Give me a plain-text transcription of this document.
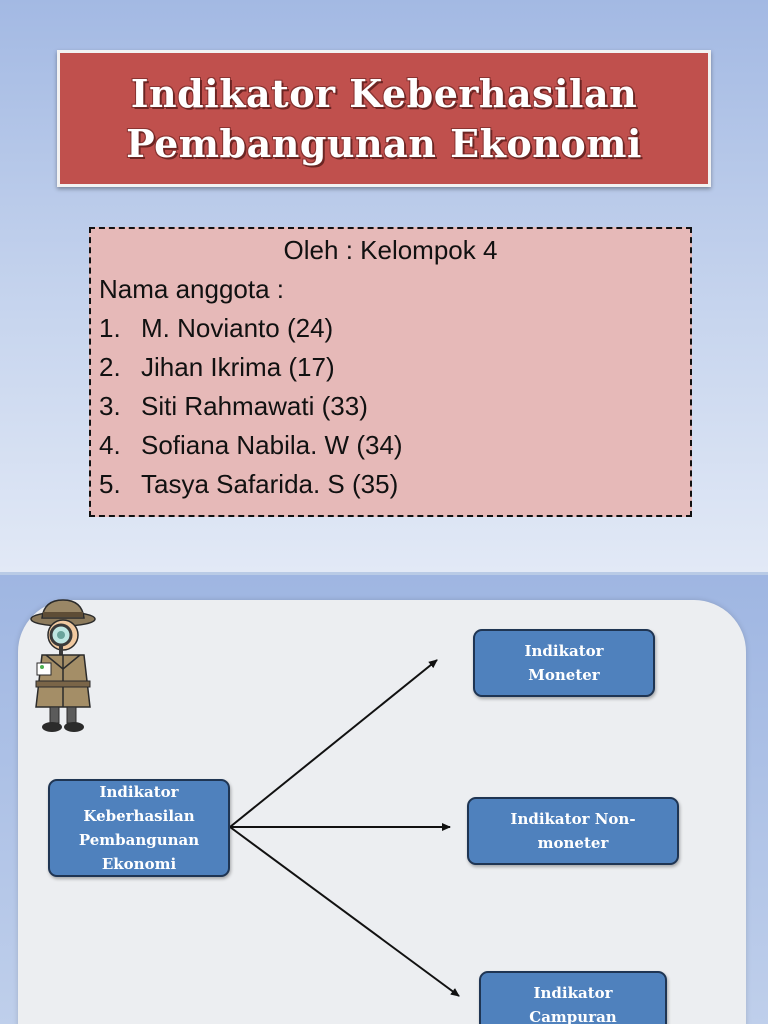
Indikator Keberhasilan
Pembangunan Ekonomi
Oleh : Kelompok 4
Nama anggota :
1. M. Novianto (24)
2. Jihan Ikrima (17)
3. Siti Rahmawati (33)
4. Sofiana Nabila. W (34)
5. Tasya Safarida. S (35)
Indikator
Keberhasilan
Pembangunan
Ekonomi
Indikator
Moneter
Indikator Non-
moneter
Indikator
Campuran
